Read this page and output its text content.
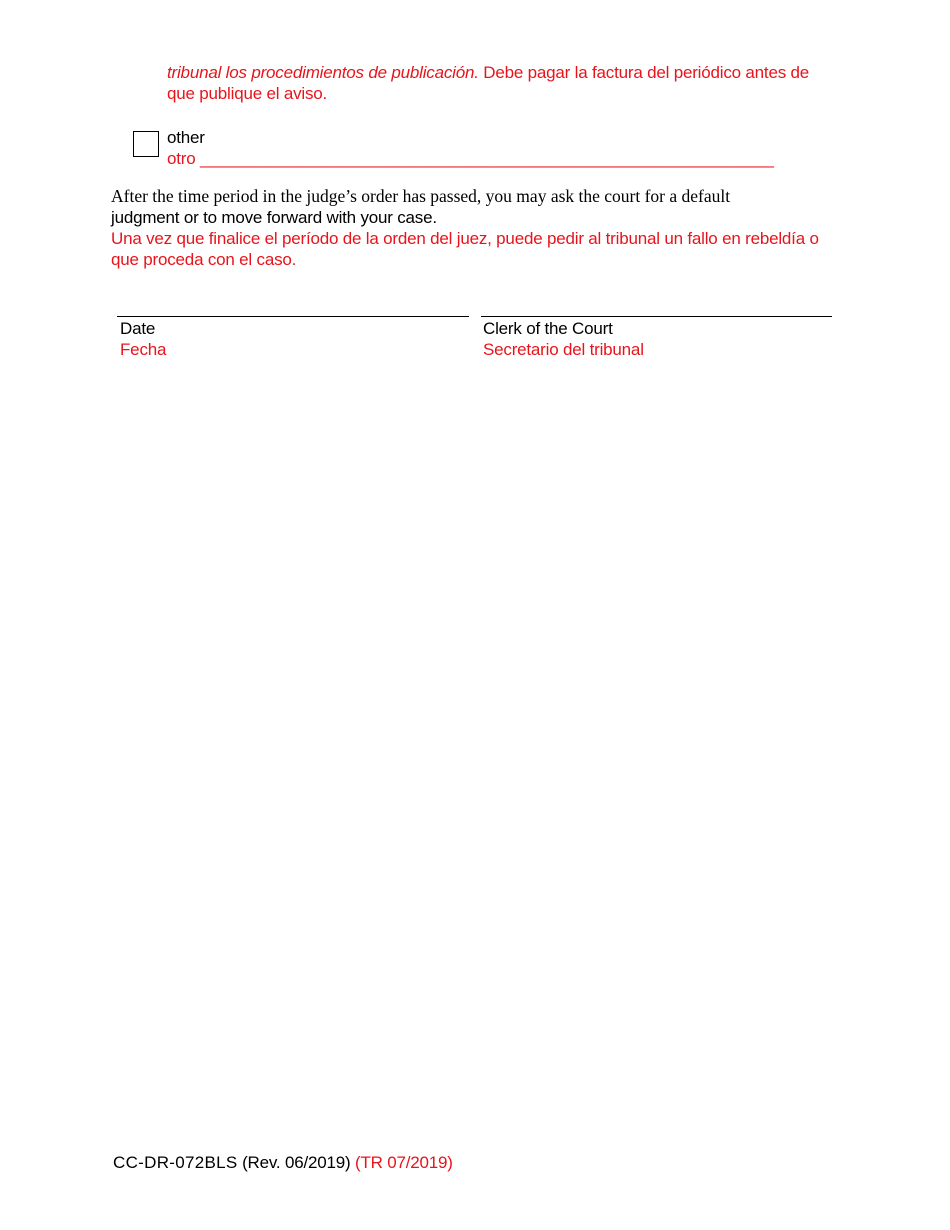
tribunal los procedimientos de publicación. Debe pagar la factura del periódico antes de
que publique el aviso.
other
otro ______________________________________________________________
After the time period in the judge’s order has passed, you may ask the court for a default
judgment or to move forward with your case.
Una vez que finalice el período de la orden del juez, puede pedir al tribunal un fallo en rebeldía o
que proceda con el caso.
Date
Fecha
Clerk of the Court
Secretario del tribunal
CC-DR-072BLS (Rev. 06/2019) (TR 07/2019)
